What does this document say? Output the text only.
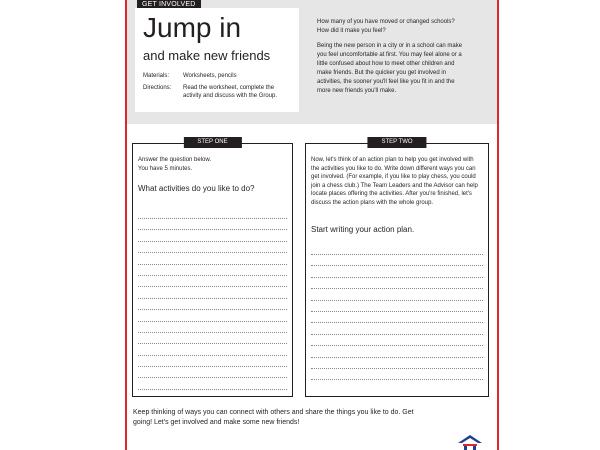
GET INVOLVED
Jump in
and make new friends
Materials:	Worksheets, pencils
Directions:	Read the worksheet, complete the activity and discuss with the Group.

How many of you have moved or changed schools? How did it make you feel?

Being the new person in a city or in a school can make you feel uncomfortable at first. You may feel alone or a little confused about how to meet other children and make friends. But the quicker you get involved in activities, the sooner you'll feel like you fit in and the more new friends you'll make.

STEP ONE
Answer the question below.
You have 5 minutes.
What activities do you like to do?
STEP TWO
Now, let's think of an action plan to help you get involved with the activities you like to do. Write down different ways you can get involved. (For example, if you like to play chess, you could join a chess club.) The Team Leaders and the Advisor can help locate places offering the activities. After you're finished, let's discuss the action plans with the whole group.
Start writing your action plan.
Keep thinking of ways you can connect with others and share the things you like to do. Get going! Let's get involved and make some new friends!
